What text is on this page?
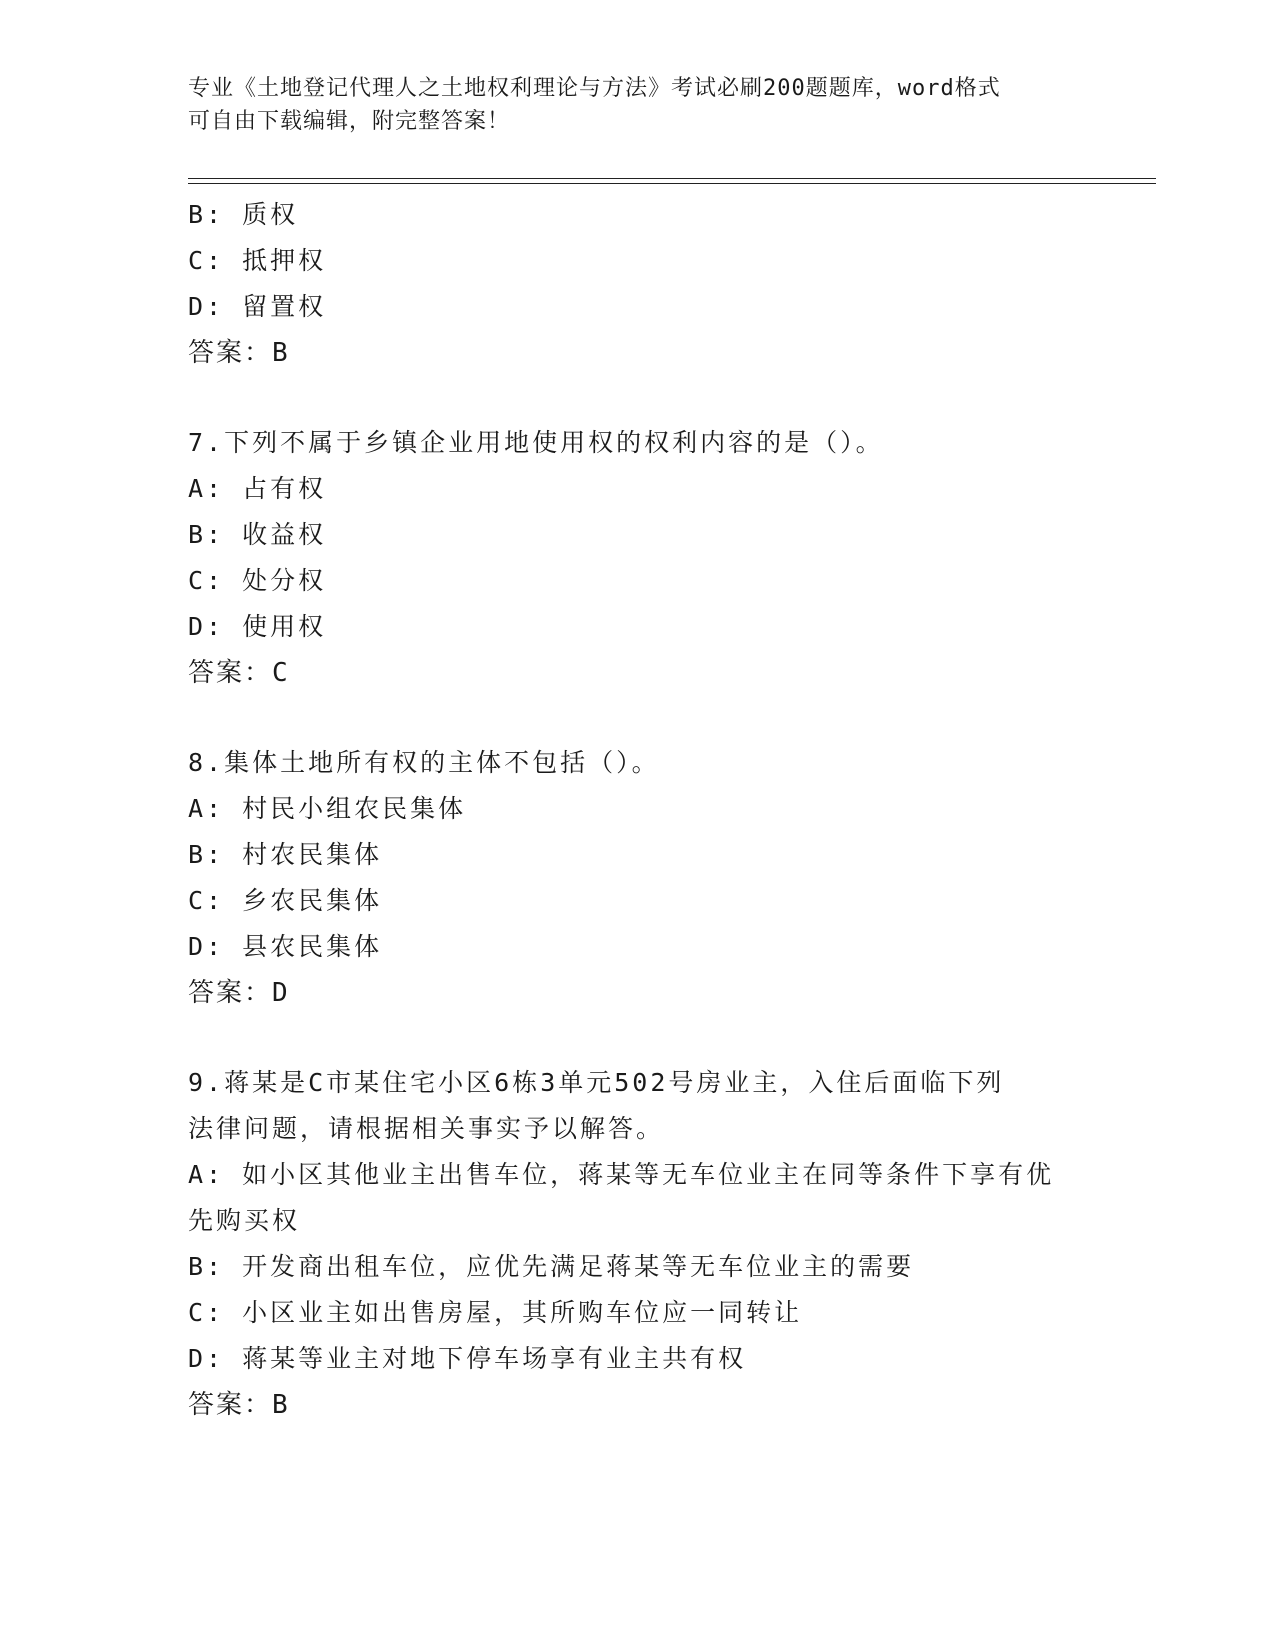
专业《土地登记代理人之土地权利理论与方法》考试必刷200题题库，word格式
可自由下载编辑，附完整答案！
B: 质权
C: 抵押权
D: 留置权
答案：B
7.下列不属于乡镇企业用地使用权的权利内容的是（）。
A: 占有权
B: 收益权
C: 处分权
D: 使用权
答案：C
8.集体土地所有权的主体不包括（）。
A: 村民小组农民集体
B: 村农民集体
C: 乡农民集体
D: 县农民集体
答案：D
9.蒋某是C市某住宅小区6栋3单元502号房业主，入住后面临下列
法律问题，请根据相关事实予以解答。
A: 如小区其他业主出售车位，蒋某等无车位业主在同等条件下享有优
先购买权
B: 开发商出租车位，应优先满足蒋某等无车位业主的需要
C: 小区业主如出售房屋，其所购车位应一同转让
D: 蒋某等业主对地下停车场享有业主共有权
答案：B
